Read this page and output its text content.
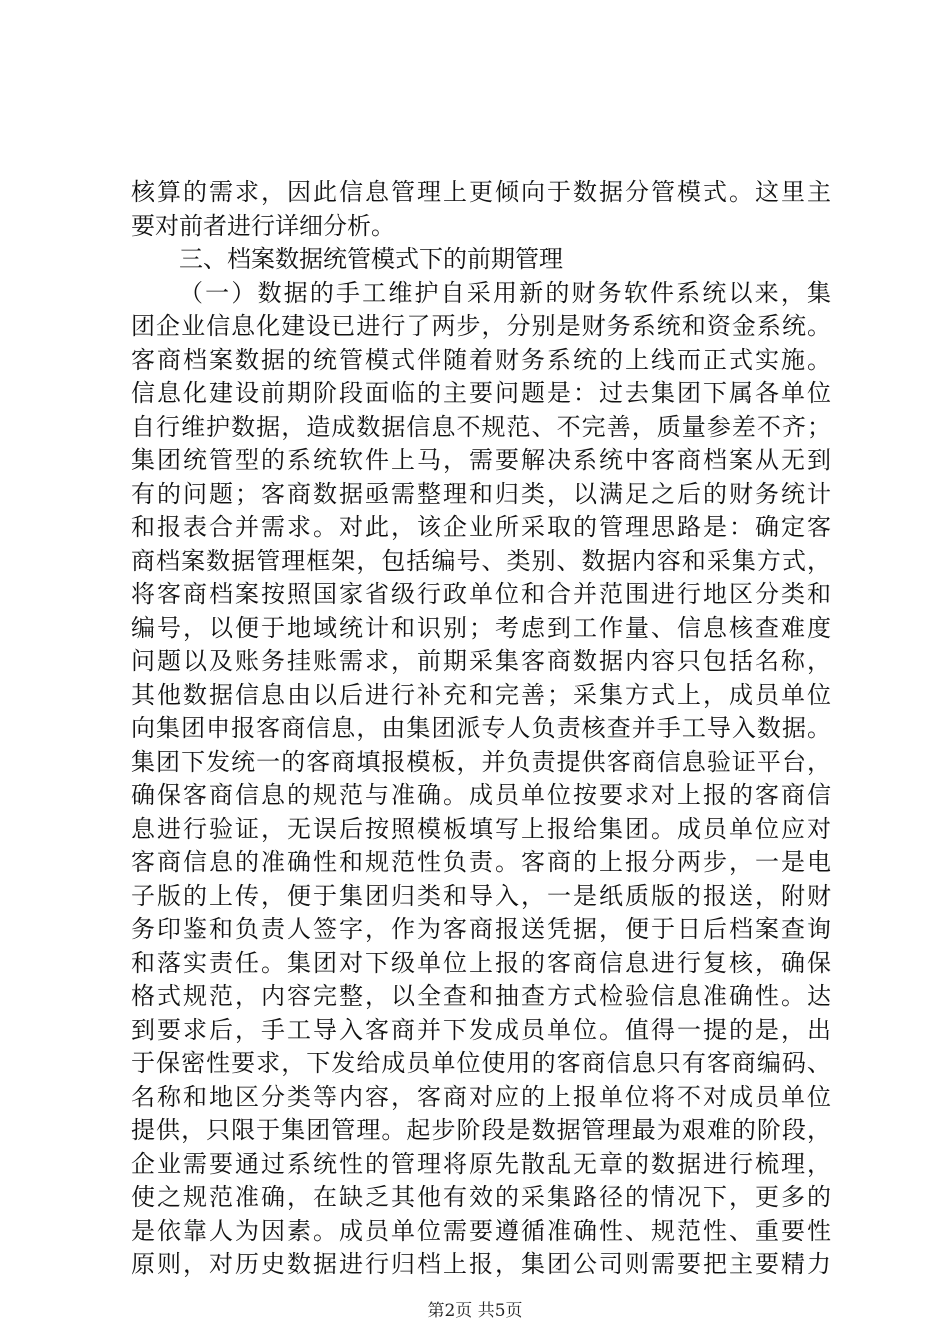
核算的需求，因此信息管理上更倾向于数据分管模式。这里主
要对前者进行详细分析。
三、档案数据统管模式下的前期管理
（一）数据的手工维护自采用新的财务软件系统以来，集
团企业信息化建设已进行了两步，分别是财务系统和资金系统。
客商档案数据的统管模式伴随着财务系统的上线而正式实施。
信息化建设前期阶段面临的主要问题是：过去集团下属各单位
自行维护数据，造成数据信息不规范、不完善，质量参差不齐；
集团统管型的系统软件上马，需要解决系统中客商档案从无到
有的问题；客商数据亟需整理和归类，以满足之后的财务统计
和报表合并需求。对此，该企业所采取的管理思路是：确定客
商档案数据管理框架，包括编号、类别、数据内容和采集方式，
将客商档案按照国家省级行政单位和合并范围进行地区分类和
编号，以便于地域统计和识别；考虑到工作量、信息核查难度
问题以及账务挂账需求，前期采集客商数据内容只包括名称，
其他数据信息由以后进行补充和完善；采集方式上，成员单位
向集团申报客商信息，由集团派专人负责核查并手工导入数据。
集团下发统一的客商填报模板，并负责提供客商信息验证平台，
确保客商信息的规范与准确。成员单位按要求对上报的客商信
息进行验证，无误后按照模板填写上报给集团。成员单位应对
客商信息的准确性和规范性负责。客商的上报分两步，一是电
子版的上传，便于集团归类和导入，一是纸质版的报送，附财
务印鉴和负责人签字，作为客商报送凭据，便于日后档案查询
和落实责任。集团对下级单位上报的客商信息进行复核，确保
格式规范，内容完整，以全查和抽查方式检验信息准确性。达
到要求后，手工导入客商并下发成员单位。值得一提的是，出
于保密性要求，下发给成员单位使用的客商信息只有客商编码、
名称和地区分类等内容，客商对应的上报单位将不对成员单位
提供，只限于集团管理。起步阶段是数据管理最为艰难的阶段，
企业需要通过系统性的管理将原先散乱无章的数据进行梳理，
使之规范准确，在缺乏其他有效的采集路径的情况下，更多的
是依靠人为因素。成员单位需要遵循准确性、规范性、重要性
原则，对历史数据进行归档上报，集团公司则需要把主要精力
第2页 共5页
